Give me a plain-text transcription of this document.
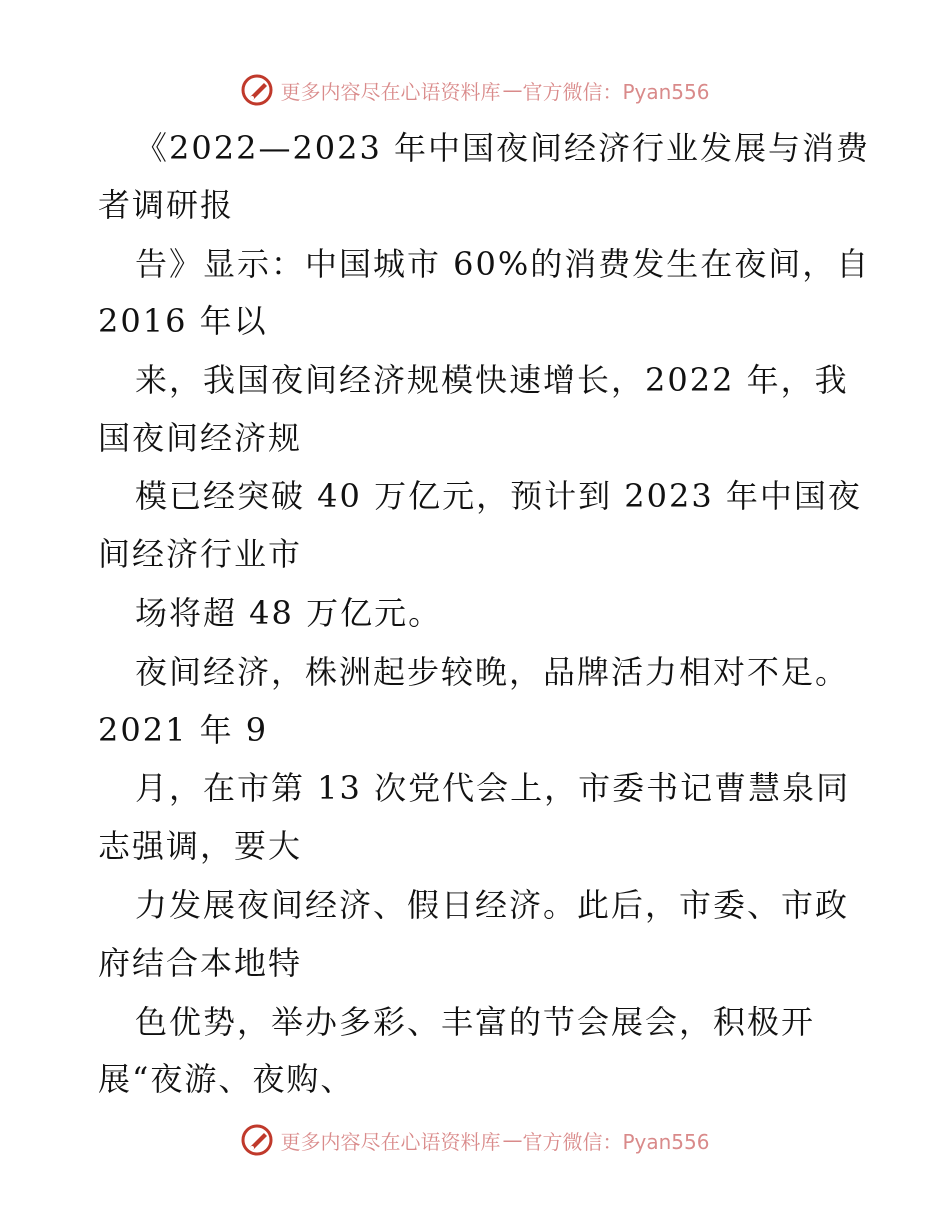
更多内容尽在心语资料库 — 官方微信：Pyan556
《2022—2023 年中国夜间经济行业发展与消费
者调研报
告》显示：中国城市 60%的消费发生在夜间，自
2016 年以
来，我国夜间经济规模快速增长，2022 年，我
国夜间经济规
模已经突破 40 万亿元，预计到 2023 年中国夜
间经济行业市
场将超 48 万亿元。
夜间经济，株洲起步较晚，品牌活力相对不足。
2021 年 9
月，在市第 13 次党代会上，市委书记曹慧泉同
志强调，要大
力发展夜间经济、假日经济。此后，市委、市政
府结合本地特
色优势，举办多彩、丰富的节会展会，积极开
展“夜游、夜购、
更多内容尽在心语资料库 — 官方微信：Pyan556
